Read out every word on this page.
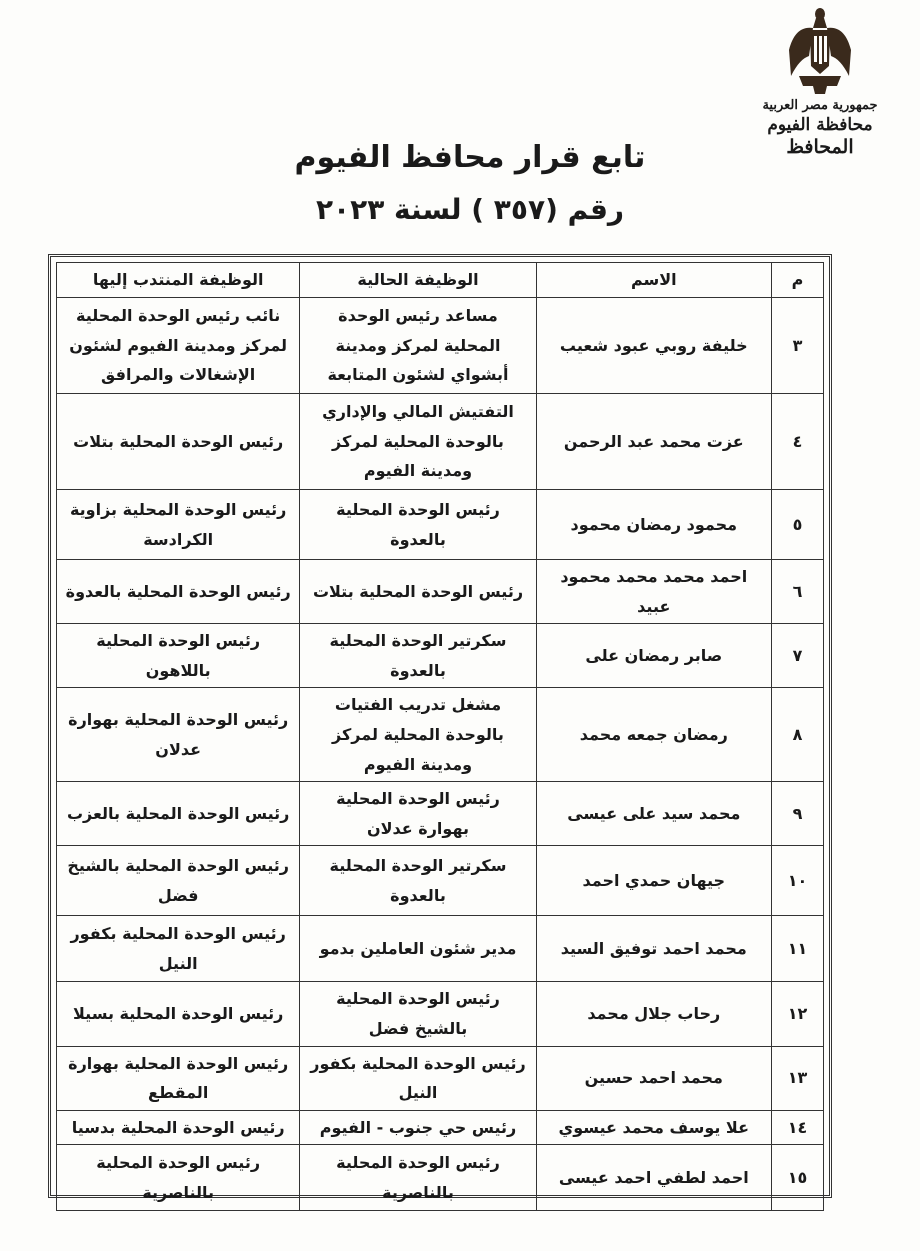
جمهورية مصر العربية
محافظة الفيوم
المحافظ
تابع قرار محافظ الفيوم
رقم (٣٥٧ ) لسنة ٢٠٢٣
م	الاسم	الوظيفة الحالية	الوظيفة المنتدب إليها
٣	خليفة روبي عبود شعيب	مساعد رئيس الوحدة المحلية لمركز ومدينة أبشواي لشئون المتابعة	نائب رئيس الوحدة المحلية لمركز ومدينة الفيوم لشئون الإشغالات والمرافق
٤	عزت محمد عبد الرحمن	التفتيش المالي والإداري بالوحدة المحلية لمركز ومدينة الفيوم	رئيس الوحدة المحلية بتلات
٥	محمود رمضان محمود	رئيس الوحدة المحلية بالعدوة	رئيس الوحدة المحلية بزاوية الكرادسة
٦	احمد محمد محمد محمود عبيد	رئيس الوحدة المحلية بتلات	رئيس الوحدة المحلية بالعدوة
٧	صابر رمضان على	سكرتير الوحدة المحلية بالعدوة	رئيس الوحدة المحلية باللاهون
٨	رمضان جمعه محمد	مشغل تدريب الفتيات بالوحدة المحلية لمركز ومدينة الفيوم	رئيس الوحدة المحلية بهوارة عدلان
٩	محمد سيد على عيسى	رئيس الوحدة المحلية بهوارة عدلان	رئيس الوحدة المحلية بالعزب
١٠	جيهان حمدي احمد	سكرتير الوحدة المحلية بالعدوة	رئيس الوحدة المحلية بالشيخ فضل
١١	محمد احمد توفيق السيد	مدير شئون العاملين بدمو	رئيس الوحدة المحلية بكفور النيل
١٢	رحاب جلال محمد	رئيس الوحدة المحلية بالشيخ فضل	رئيس الوحدة المحلية بسيلا
١٣	محمد احمد حسين	رئيس الوحدة المحلية بكفور النيل	رئيس الوحدة المحلية بهوارة المقطع
١٤	علا يوسف محمد عيسوي	رئيس حي جنوب - الفيوم	رئيس الوحدة المحلية بدسيا
١٥	احمد لطفي احمد عيسى	رئيس الوحدة المحلية بالناصرية	رئيس الوحدة المحلية بالناصرية
